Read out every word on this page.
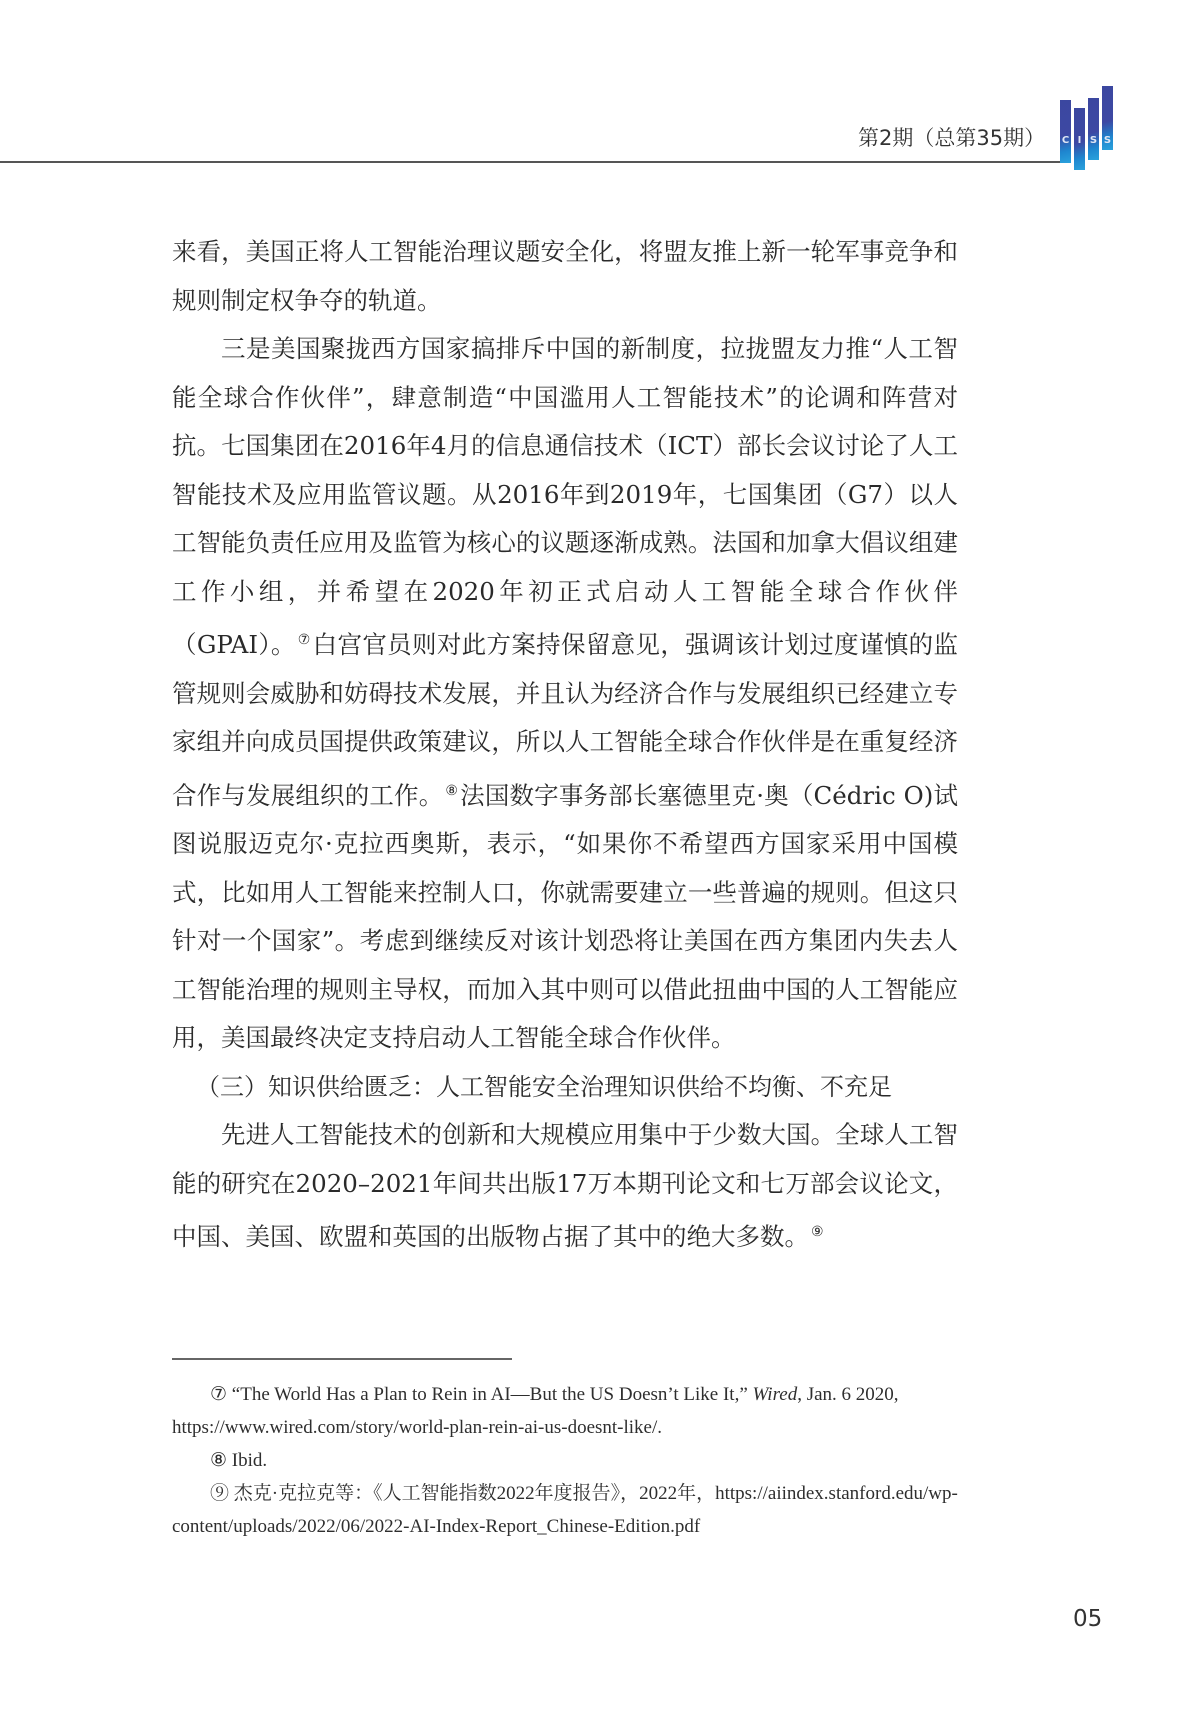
第2期（总第35期） C I S S

来看，美国正将人工智能治理议题安全化，将盟友推上新一轮军事竞争和规则制定权争夺的轨道。

三是美国聚拢西方国家搞排斥中国的新制度，拉拢盟友力推“人工智能全球合作伙伴”，肆意制造“中国滥用人工智能技术”的论调和阵营对抗。七国集团在2016年4月的信息通信技术（ICT）部长会议讨论了人工智能技术及应用监管议题。从2016年到2019年，七国集团（G7）以人工智能负责任应用及监管为核心的议题逐渐成熟。法国和加拿大倡议组建工作小组，并希望在2020年初正式启动人工智能全球合作伙伴（GPAI）。 ⑦白宫官员则对此方案持保留意见，强调该计划过度谨慎的监管规则会威胁和妨碍技术发展，并且认为经济合作与发展组织已经建立专家组并向成员国提供政策建议，所以人工智能全球合作伙伴是在重复经济合作与发展组织的工作。 ⑧法国数字事务部长塞德里克·奥（Cédric O)试图说服迈克尔·克拉西奥斯，表示，“如果你不希望西方国家采用中国模式，比如用人工智能来控制人口，你就需要建立一些普遍的规则。但这只针对一个国家”。考虑到继续反对该计划恐将让美国在西方集团内失去人工智能治理的规则主导权，而加入其中则可以借此扭曲中国的人工智能应用，美国最终决定支持启动人工智能全球合作伙伴。

（三）知识供给匮乏：人工智能安全治理知识供给不均衡、不充足

先进人工智能技术的创新和大规模应用集中于少数大国。全球人工智能的研究在2020–2021年间共出版17万本期刊论文和七万部会议论文，中国、美国、欧盟和英国的出版物占据了其中的绝大多数。 ⑨

⑦ “The World Has a Plan to Rein in AI—But the US Doesn’t Like It,” Wired, Jan. 6 2020, https://www.wired.com/story/world-plan-rein-ai-us-doesnt-like/.

⑧ Ibid.

⑨ 杰克·克拉克等：《人工智能指数2022年度报告》，2022年，https://aiindex.stanford.edu/wp-content/uploads/2022/06/2022-AI-Index-Report_Chinese-Edition.pdf

05
